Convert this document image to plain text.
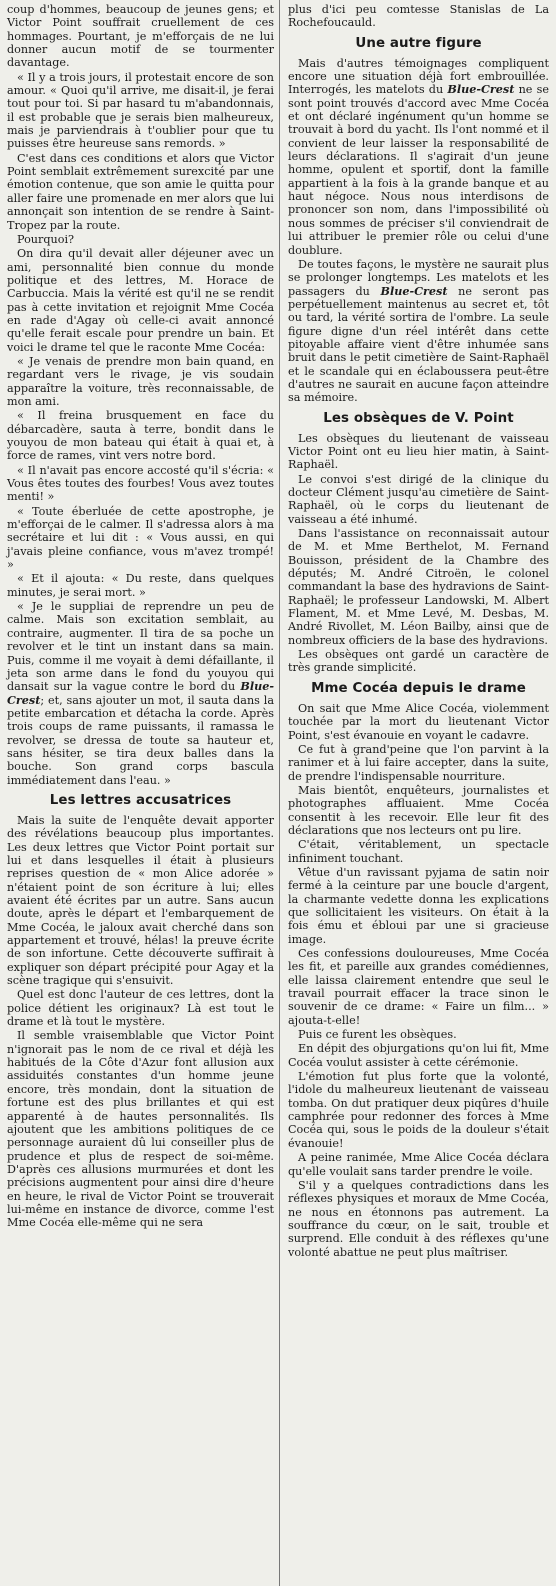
coup d'hommes, beaucoup de jeunes gens; et Victor Point souffrait cruellement de ces hommages. Pourtant, je m'efforçais de ne lui donner aucun motif de se tourmenter davantage.

« Il y a trois jours, il protestait encore de son amour. « Quoi qu'il arrive, me disait-il, je ferai tout pour toi. Si par hasard tu m'abandonnais, il est probable que je serais bien malheureux, mais je parviendrais à t'oublier pour que tu puisses être heureuse sans remords. »

C'est dans ces conditions et alors que Victor Point semblait extrêmement surexcité par une émotion contenue, que son amie le quitta pour aller faire une promenade en mer alors que lui annonçait son intention de se rendre à Saint-Tropez par la route.

Pourquoi?

On dira qu'il devait aller déjeuner avec un ami, personnalité bien connue du monde politique et des lettres, M. Horace de Carbuccia. Mais la vérité est qu'il ne se rendit pas à cette invitation et rejoignit Mme Cocéa en rade d'Agay où celle-ci avait annoncé qu'elle ferait escale pour prendre un bain. Et voici le drame tel que le raconte Mme Cocéa:

« Je venais de prendre mon bain quand, en regardant vers le rivage, je vis soudain apparaître la voiture, très reconnaissable, de mon ami.

« Il freina brusquement en face du débarcadère, sauta à terre, bondit dans le youyou de mon bateau qui était à quai et, à force de rames, vint vers notre bord.

« Il n'avait pas encore accosté qu'il s'écria: « Vous êtes toutes des fourbes! Vous avez toutes menti! »

« Toute éberluée de cette apostrophe, je m'efforçai de le calmer. Il s'adressa alors à ma secrétaire et lui dit : « Vous aussi, en qui j'avais pleine confiance, vous m'avez trompé! »

« Et il ajouta: « Du reste, dans quelques minutes, je serai mort. »

« Je le suppliai de reprendre un peu de calme. Mais son excitation semblait, au contraire, augmenter. Il tira de sa poche un revolver et le tint un instant dans sa main. Puis, comme il me voyait à demi défaillante, il jeta son arme dans le fond du youyou qui dansait sur la vague contre le bord du Blue-Crest; et, sans ajouter un mot, il sauta dans la petite embarcation et détacha la corde. Après trois coups de rame puissants, il ramassa le revolver, se dressa de toute sa hauteur et, sans hésiter, se tira deux balles dans la bouche. Son grand corps bascula immédiatement dans l'eau. »

Les lettres accusatrices

Mais la suite de l'enquête devait apporter des révélations beaucoup plus importantes. Les deux lettres que Victor Point portait sur lui et dans lesquelles il était à plusieurs reprises question de « mon Alice adorée » n'étaient point de son écriture à lui; elles avaient été écrites par un autre. Sans aucun doute, après le départ et l'embarquement de Mme Cocéa, le jaloux avait cherché dans son appartement et trouvé, hélas! la preuve écrite de son infortune. Cette découverte suffirait à expliquer son départ précipité pour Agay et la scène tragique qui s'ensuivit.

Quel est donc l'auteur de ces lettres, dont la police détient les originaux? Là est tout le drame et là tout le mystère.

Il semble vraisemblable que Victor Point n'ignorait pas le nom de ce rival et déjà les habitués de la Côte d'Azur font allusion aux assiduités constantes d'un homme jeune encore, très mondain, dont la situation de fortune est des plus brillantes et qui est apparenté à de hautes personnalités. Ils ajoutent que les ambitions politiques de ce personnage auraient dû lui conseiller plus de prudence et plus de respect de soi-même. D'après ces allusions murmurées et dont les précisions augmentent pour ainsi dire d'heure en heure, le rival de Victor Point se trouverait lui-même en instance de divorce, comme l'est Mme Cocéa elle-même qui ne sera

plus d'ici peu comtesse Stanislas de La Rochefoucauld.

Une autre figure

Mais d'autres témoignages compliquent encore une situation déjà fort embrouillée. Interrogés, les matelots du Blue-Crest ne se sont point trouvés d'accord avec Mme Cocéa et ont déclaré ingénument qu'un homme se trouvait à bord du yacht. Ils l'ont nommé et il convient de leur laisser la responsabilité de leurs déclarations. Il s'agirait d'un jeune homme, opulent et sportif, dont la famille appartient à la fois à la grande banque et au haut négoce. Nous nous interdisons de prononcer son nom, dans l'impossibilité où nous sommes de préciser s'il conviendrait de lui attribuer le premier rôle ou celui d'une doublure.

De toutes façons, le mystère ne saurait plus se prolonger longtemps. Les matelots et les passagers du Blue-Crest ne seront pas perpétuellement maintenus au secret et, tôt ou tard, la vérité sortira de l'ombre. La seule figure digne d'un réel intérêt dans cette pitoyable affaire vient d'être inhumée sans bruit dans le petit cimetière de Saint-Raphaël et le scandale qui en éclaboussera peut-être d'autres ne saurait en aucune façon atteindre sa mémoire.

Les obsèques de V. Point

Les obsèques du lieutenant de vaisseau Victor Point ont eu lieu hier matin, à Saint-Raphaël.

Le convoi s'est dirigé de la clinique du docteur Clément jusqu'au cimetière de Saint-Raphaël, où le corps du lieutenant de vaisseau a été inhumé.

Dans l'assistance on reconnaissait autour de M. et Mme Berthelot, M. Fernand Bouisson, président de la Chambre des députés; M. André Citroën, le colonel commandant la base des hydravions de Saint-Raphaël; le professeur Landowski, M. Albert Flament, M. et Mme Levé, M. Desbas, M. André Rivollet, M. Léon Bailby, ainsi que de nombreux officiers de la base des hydravions.

Les obsèques ont gardé un caractère de très grande simplicité.

Mme Cocéa depuis le drame

On sait que Mme Alice Cocéa, violemment touchée par la mort du lieutenant Victor Point, s'est évanouie en voyant le cadavre.

Ce fut à grand'peine que l'on parvint à la ranimer et à lui faire accepter, dans la suite, de prendre l'indispensable nourriture.

Mais bientôt, enquêteurs, journalistes et photographes affluaient. Mme Cocéa consentit à les recevoir. Elle leur fit des déclarations que nos lecteurs ont pu lire.

C'était, véritablement, un spectacle infiniment touchant.

Vêtue d'un ravissant pyjama de satin noir fermé à la ceinture par une boucle d'argent, la charmante vedette donna les explications que sollicitaient les visiteurs. On était à la fois ému et ébloui par une si gracieuse image.

Ces confessions douloureuses, Mme Cocéa les fit, et pareille aux grandes comédiennes, elle laissa clairement entendre que seul le travail pourrait effacer la trace sinon le souvenir de ce drame: « Faire un film... » ajouta-t-elle!

Puis ce furent les obsèques.

En dépit des objurgations qu'on lui fit, Mme Cocéa voulut assister à cette cérémonie.

L'émotion fut plus forte que la volonté, l'idole du malheureux lieutenant de vaisseau tomba. On dut pratiquer deux piqûres d'huile camphrée pour redonner des forces à Mme Cocéa qui, sous le poids de la douleur s'était évanouie!

A peine ranimée, Mme Alice Cocéa déclara qu'elle voulait sans tarder prendre le voile.

S'il y a quelques contradictions dans les réflexes physiques et moraux de Mme Cocéa, ne nous en étonnons pas autrement. La souffrance du cœur, on le sait, trouble et surprend. Elle conduit à des réflexes qu'une volonté abattue ne peut plus maîtriser.
